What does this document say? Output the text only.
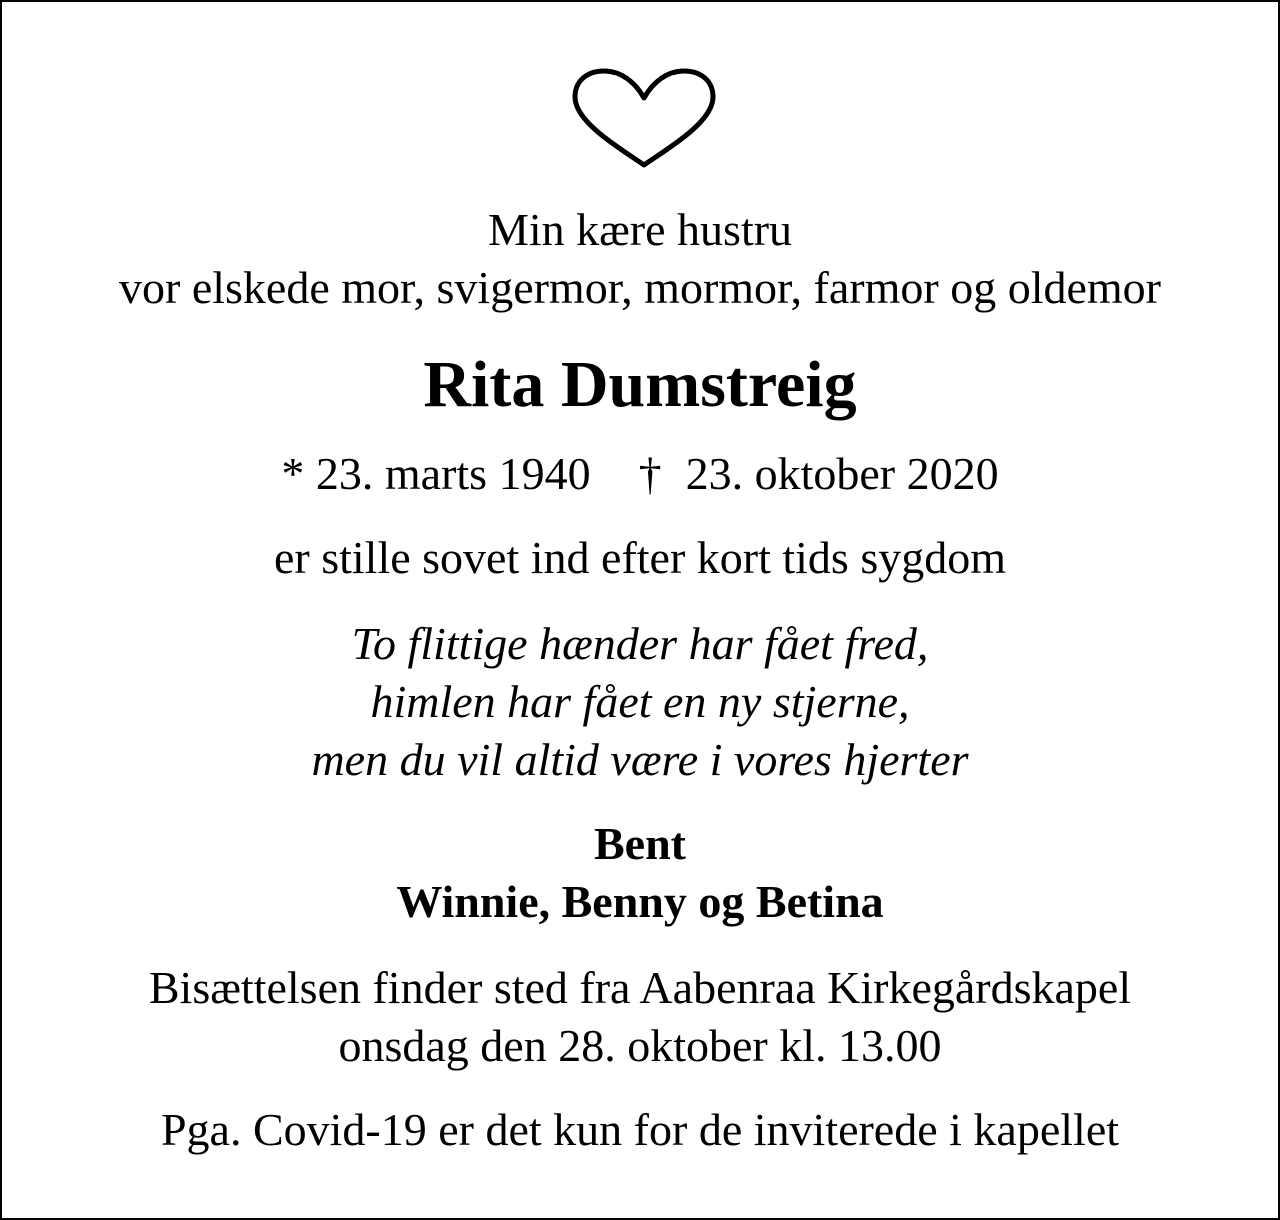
Min kære hustru
vor elskede mor, svigermor, mormor, farmor og oldemor
Rita Dumstreig
* 23. marts 1940 † 23. oktober 2020
er stille sovet ind efter kort tids sygdom
To flittige hænder har fået fred,
himlen har fået en ny stjerne,
men du vil altid være i vores hjerter
Bent
Winnie, Benny og Betina
Bisættelsen finder sted fra Aabenraa Kirkegårdskapel
onsdag den 28. oktober kl. 13.00
Pga. Covid-19 er det kun for de inviterede i kapellet
